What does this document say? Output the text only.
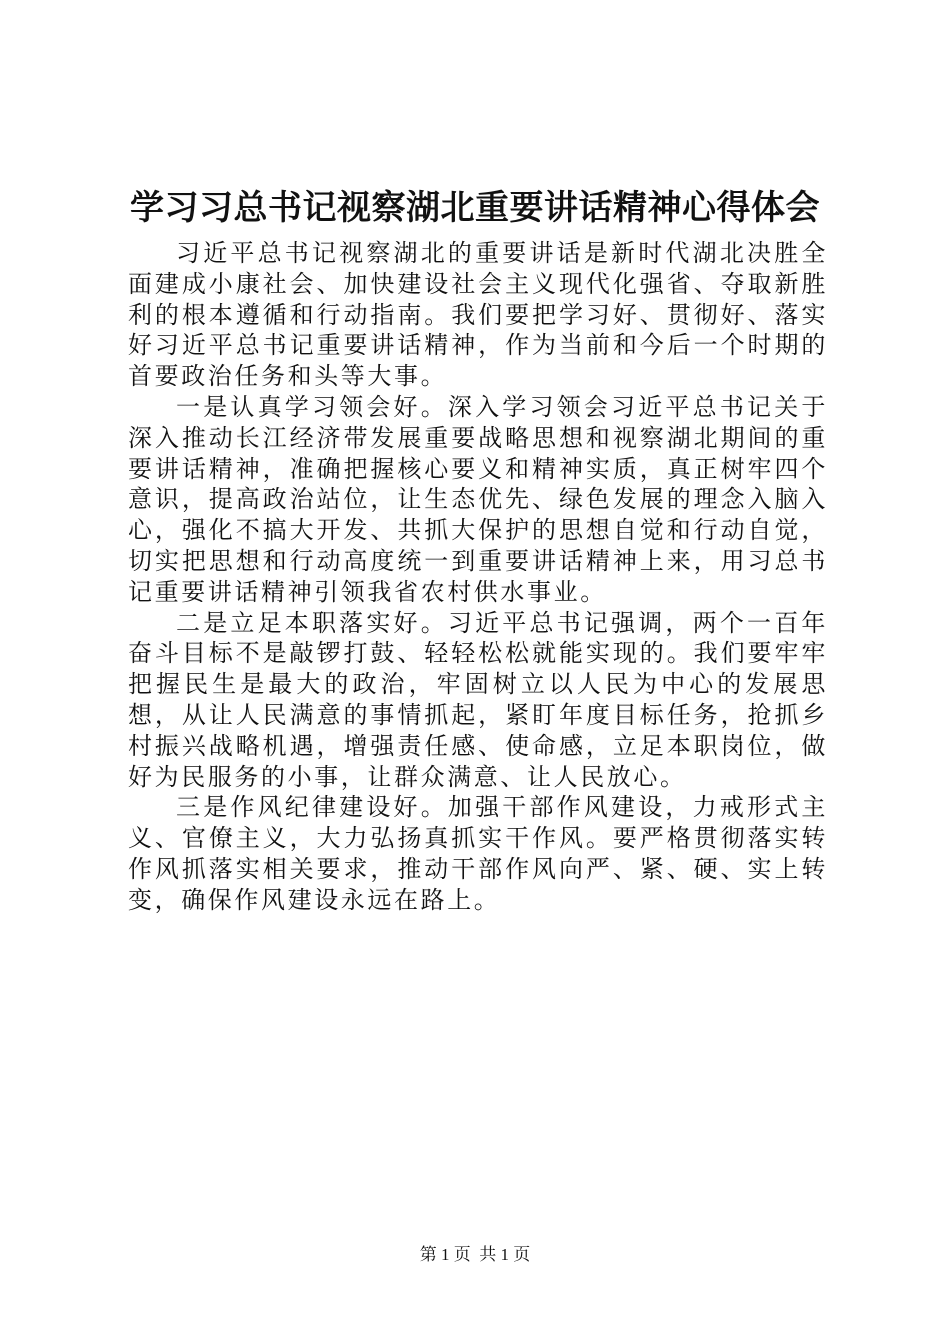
学习习总书记视察湖北重要讲话精神心得体会

习近平总书记视察湖北的重要讲话是新时代湖北决胜全面建成小康社会、加快建设社会主义现代化强省、夺取新胜利的根本遵循和行动指南。我们要把学习好、贯彻好、落实好习近平总书记重要讲话精神，作为当前和今后一个时期的首要政治任务和头等大事。

一是认真学习领会好。深入学习领会习近平总书记关于深入推动长江经济带发展重要战略思想和视察湖北期间的重要讲话精神，准确把握核心要义和精神实质，真正树牢四个意识，提高政治站位，让生态优先、绿色发展的理念入脑入心，强化不搞大开发、共抓大保护的思想自觉和行动自觉，切实把思想和行动高度统一到重要讲话精神上来，用习总书记重要讲话精神引领我省农村供水事业。

二是立足本职落实好。习近平总书记强调，两个一百年奋斗目标不是敲锣打鼓、轻轻松松就能实现的。我们要牢牢把握民生是最大的政治，牢固树立以人民为中心的发展思想，从让人民满意的事情抓起，紧盯年度目标任务，抢抓乡村振兴战略机遇，增强责任感、使命感，立足本职岗位，做好为民服务的小事，让群众满意、让人民放心。

三是作风纪律建设好。加强干部作风建设，力戒形式主义、官僚主义，大力弘扬真抓实干作风。要严格贯彻落实转作风抓落实相关要求，推动干部作风向严、紧、硬、实上转变，确保作风建设永远在路上。

第 1 页 共 1 页
